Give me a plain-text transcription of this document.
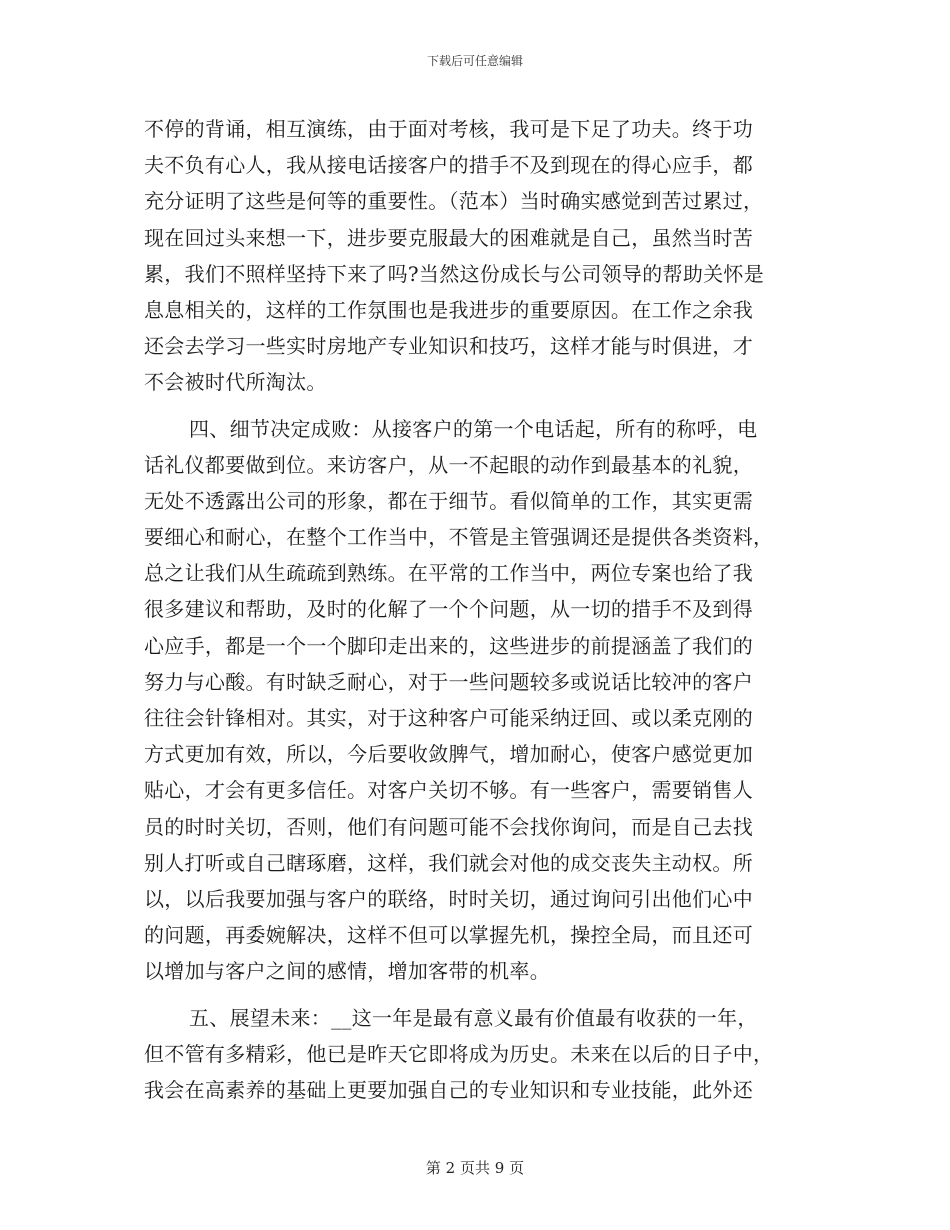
下载后可任意编辑
不停的背诵，相互演练，由于面对考核，我可是下足了功夫。终于功
夫不负有心人，我从接电话接客户的措手不及到现在的得心应手，都
充分证明了这些是何等的重要性。（范本）当时确实感觉到苦过累过，
现在回过头来想一下，进步要克服最大的困难就是自己，虽然当时苦
累，我们不照样坚持下来了吗?当然这份成长与公司领导的帮助关怀是
息息相关的，这样的工作氛围也是我进步的重要原因。在工作之余我
还会去学习一些实时房地产专业知识和技巧，这样才能与时俱进，才
不会被时代所淘汰。
四、细节决定成败：从接客户的第一个电话起，所有的称呼，电
话礼仪都要做到位。来访客户，从一不起眼的动作到最基本的礼貌，
无处不透露出公司的形象，都在于细节。看似简单的工作，其实更需
要细心和耐心，在整个工作当中，不管是主管强调还是提供各类资料，
总之让我们从生疏疏到熟练。在平常的工作当中，两位专案也给了我
很多建议和帮助，及时的化解了一个个问题，从一切的措手不及到得
心应手，都是一个一个脚印走出来的，这些进步的前提涵盖了我们的
努力与心酸。有时缺乏耐心，对于一些问题较多或说话比较冲的客户
往往会针锋相对。其实，对于这种客户可能采纳迂回、或以柔克刚的
方式更加有效，所以，今后要收敛脾气，增加耐心，使客户感觉更加
贴心，才会有更多信任。对客户关切不够。有一些客户，需要销售人
员的时时关切，否则，他们有问题可能不会找你询问，而是自己去找
别人打听或自己瞎琢磨，这样，我们就会对他的成交丧失主动权。所
以，以后我要加强与客户的联络，时时关切，通过询问引出他们心中
的问题，再委婉解决，这样不但可以掌握先机，操控全局，而且还可
以增加与客户之间的感情，增加客带的机率。
五、展望未来：__这一年是最有意义最有价值最有收获的一年，
但不管有多精彩，他已是昨天它即将成为历史。未来在以后的日子中，
我会在高素养的基础上更要加强自己的专业知识和专业技能，此外还
第 2 页共 9 页
